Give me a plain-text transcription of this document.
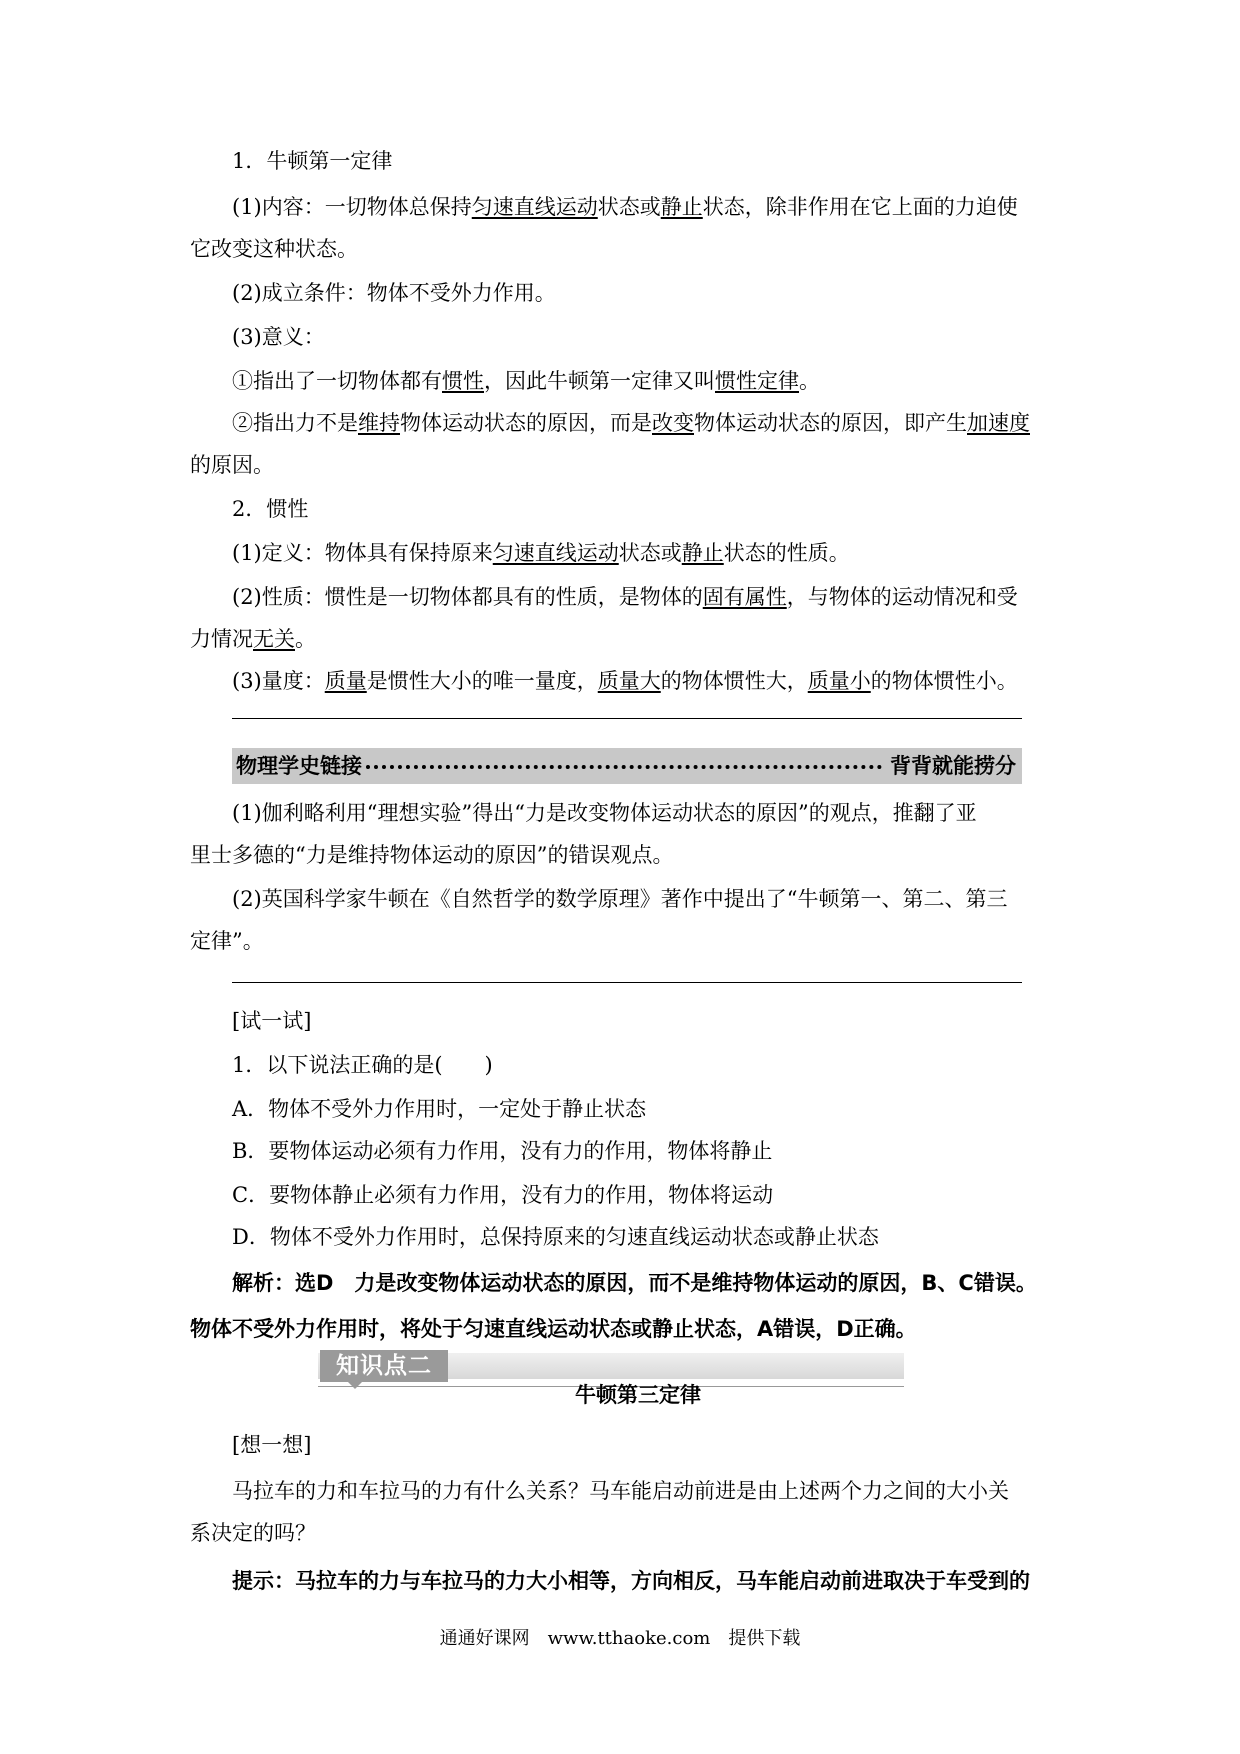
1．牛顿第一定律
(1)内容：一切物体总保持匀速直线运动状态或静止状态，除非作用在它上面的力迫使
它改变这种状态。
(2)成立条件：物体不受外力作用。
(3)意义：
①指出了一切物体都有惯性，因此牛顿第一定律又叫惯性定律。
②指出力不是维持物体运动状态的原因，而是改变物体运动状态的原因，即产生加速度
的原因。
2．惯性
(1)定义：物体具有保持原来匀速直线运动状态或静止状态的性质。
(2)性质：惯性是一切物体都具有的性质，是物体的固有属性，与物体的运动情况和受
力情况无关。
(3)量度：质量是惯性大小的唯一量度，质量大的物体惯性大，质量小的物体惯性小。
物理学史链接	背背就能捞分
(1)伽利略利用“理想实验”得出“力是改变物体运动状态的原因”的观点，推翻了亚
里士多德的“力是维持物体运动的原因”的错误观点。
(2)英国科学家牛顿在《自然哲学的数学原理》著作中提出了“牛顿第一、第二、第三
定律”。
[试一试]
1．以下说法正确的是(　　)
A．物体不受外力作用时，一定处于静止状态
B．要物体运动必须有力作用，没有力的作用，物体将静止
C．要物体静止必须有力作用，没有力的作用，物体将运动
D．物体不受外力作用时，总保持原来的匀速直线运动状态或静止状态
解析：选D　力是改变物体运动状态的原因，而不是维持物体运动的原因，B、C错误。
物体不受外力作用时，将处于匀速直线运动状态或静止状态，A错误，D正确。
知识点二
牛顿第三定律
[想一想]
马拉车的力和车拉马的力有什么关系？马车能启动前进是由上述两个力之间的大小关
系决定的吗？
提示：马拉车的力与车拉马的力大小相等，方向相反，马车能启动前进取决于车受到的
通通好课网　www.tthaoke.com　提供下载
